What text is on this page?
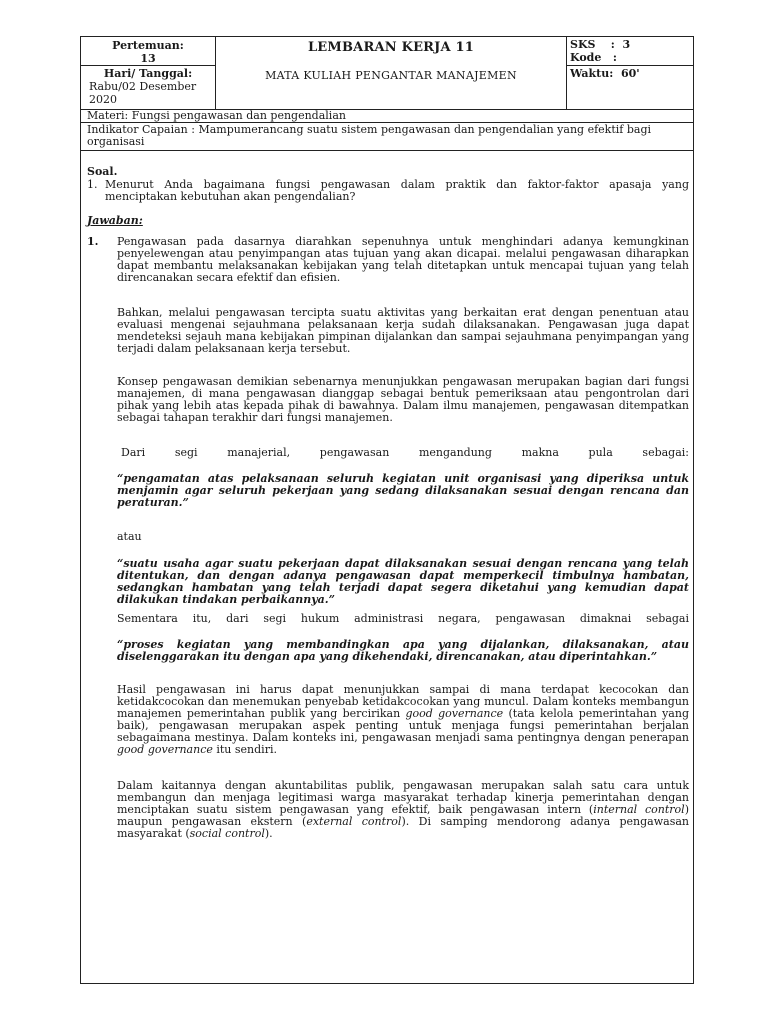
Pertemuan:
13
Hari/ Tanggal:
Rabu/02 Desember 2020
LEMBARAN KERJA 11
MATA KULIAH PENGANTAR MANAJEMEN
SKS    :  3
Kode   :
Waktu:  60'
Materi: Fungsi pengawasan dan pengendalian
Indikator Capaian : Mampumerancang suatu sistem pengawasan dan pengendalian yang efektif bagi organisasi
Soal.
1. Menurut Anda bagaimana fungsi pengawasan dalam praktik dan faktor-faktor apasaja yang menciptakan kebutuhan akan pengendalian?
Jawaban:
1. Pengawasan pada dasarnya diarahkan sepenuhnya untuk menghindari adanya kemungkinan penyelewengan atau penyimpangan atas tujuan yang akan dicapai. melalui pengawasan diharapkan dapat membantu melaksanakan kebijakan yang telah ditetapkan untuk mencapai tujuan yang telah direncanakan secara efektif dan efisien.
Bahkan, melalui pengawasan tercipta suatu aktivitas yang berkaitan erat dengan penentuan atau evaluasi mengenai sejauhmana pelaksanaan kerja sudah dilaksanakan. Pengawasan juga dapat mendeteksi sejauh mana kebijakan pimpinan dijalankan dan sampai sejauhmana penyimpangan yang terjadi dalam pelaksanaan kerja tersebut.
Konsep pengawasan demikian sebenarnya menunjukkan pengawasan merupakan bagian dari fungsi manajemen, di mana pengawasan dianggap sebagai bentuk pemeriksaan atau pengontrolan dari pihak yang lebih atas kepada pihak di bawahnya. Dalam ilmu manajemen, pengawasan ditempatkan sebagai tahapan terakhir dari fungsi manajemen.
Dari segi manajerial, pengawasan mengandung makna pula sebagai:
“pengamatan atas pelaksanaan seluruh kegiatan unit organisasi yang diperiksa untuk menjamin agar seluruh pekerjaan yang sedang dilaksanakan sesuai dengan rencana dan peraturan.”
atau
“suatu usaha agar suatu pekerjaan dapat dilaksanakan sesuai dengan rencana yang telah ditentukan, dan dengan adanya pengawasan dapat memperkecil timbulnya hambatan, sedangkan hambatan yang telah terjadi dapat segera diketahui yang kemudian dapat dilakukan tindakan perbaikannya.”
Sementara itu, dari segi hukum administrasi negara, pengawasan dimaknai sebagai
“proses kegiatan yang membandingkan apa yang dijalankan, dilaksanakan, atau diselenggarakan itu dengan apa yang dikehendaki, direncanakan, atau diperintahkan.”
Hasil pengawasan ini harus dapat menunjukkan sampai di mana terdapat kecocokan dan ketidakcocokan dan menemukan penyebab ketidakcocokan yang muncul. Dalam konteks membangun manajemen pemerintahan publik yang bercirikan good governance (tata kelola pemerintahan yang baik), pengawasan merupakan aspek penting untuk menjaga fungsi pemerintahan berjalan sebagaimana mestinya. Dalam konteks ini, pengawasan menjadi sama pentingnya dengan penerapan good governance itu sendiri.
Dalam kaitannya dengan akuntabilitas publik, pengawasan merupakan salah satu cara untuk membangun dan menjaga legitimasi warga masyarakat terhadap kinerja pemerintahan dengan menciptakan suatu sistem pengawasan yang efektif, baik pengawasan intern (internal control) maupun pengawasan ekstern (external control). Di samping mendorong adanya pengawasan masyarakat (social control).
